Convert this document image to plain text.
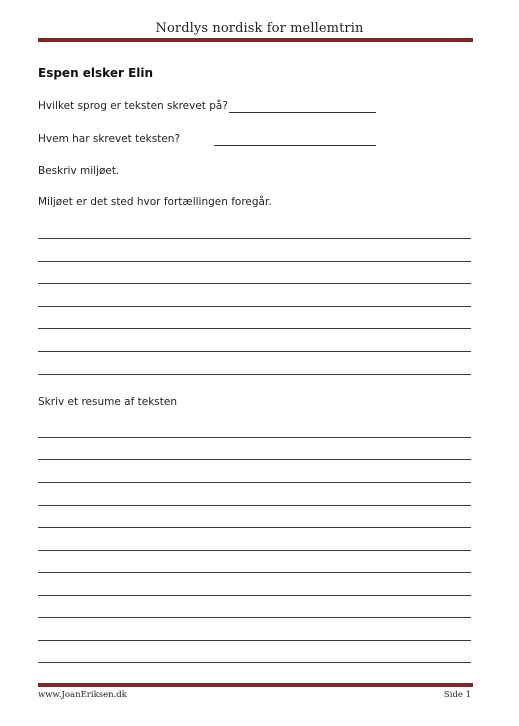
Nordlys nordisk for mellemtrin
Espen elsker Elin
Hvilket sprog er teksten skrevet på?
Hvem har skrevet teksten?
Beskriv miljøet.
Miljøet er det sted hvor fortællingen foregår.
Skriv et resume af teksten
www.JoanEriksen.dk	Side 1
